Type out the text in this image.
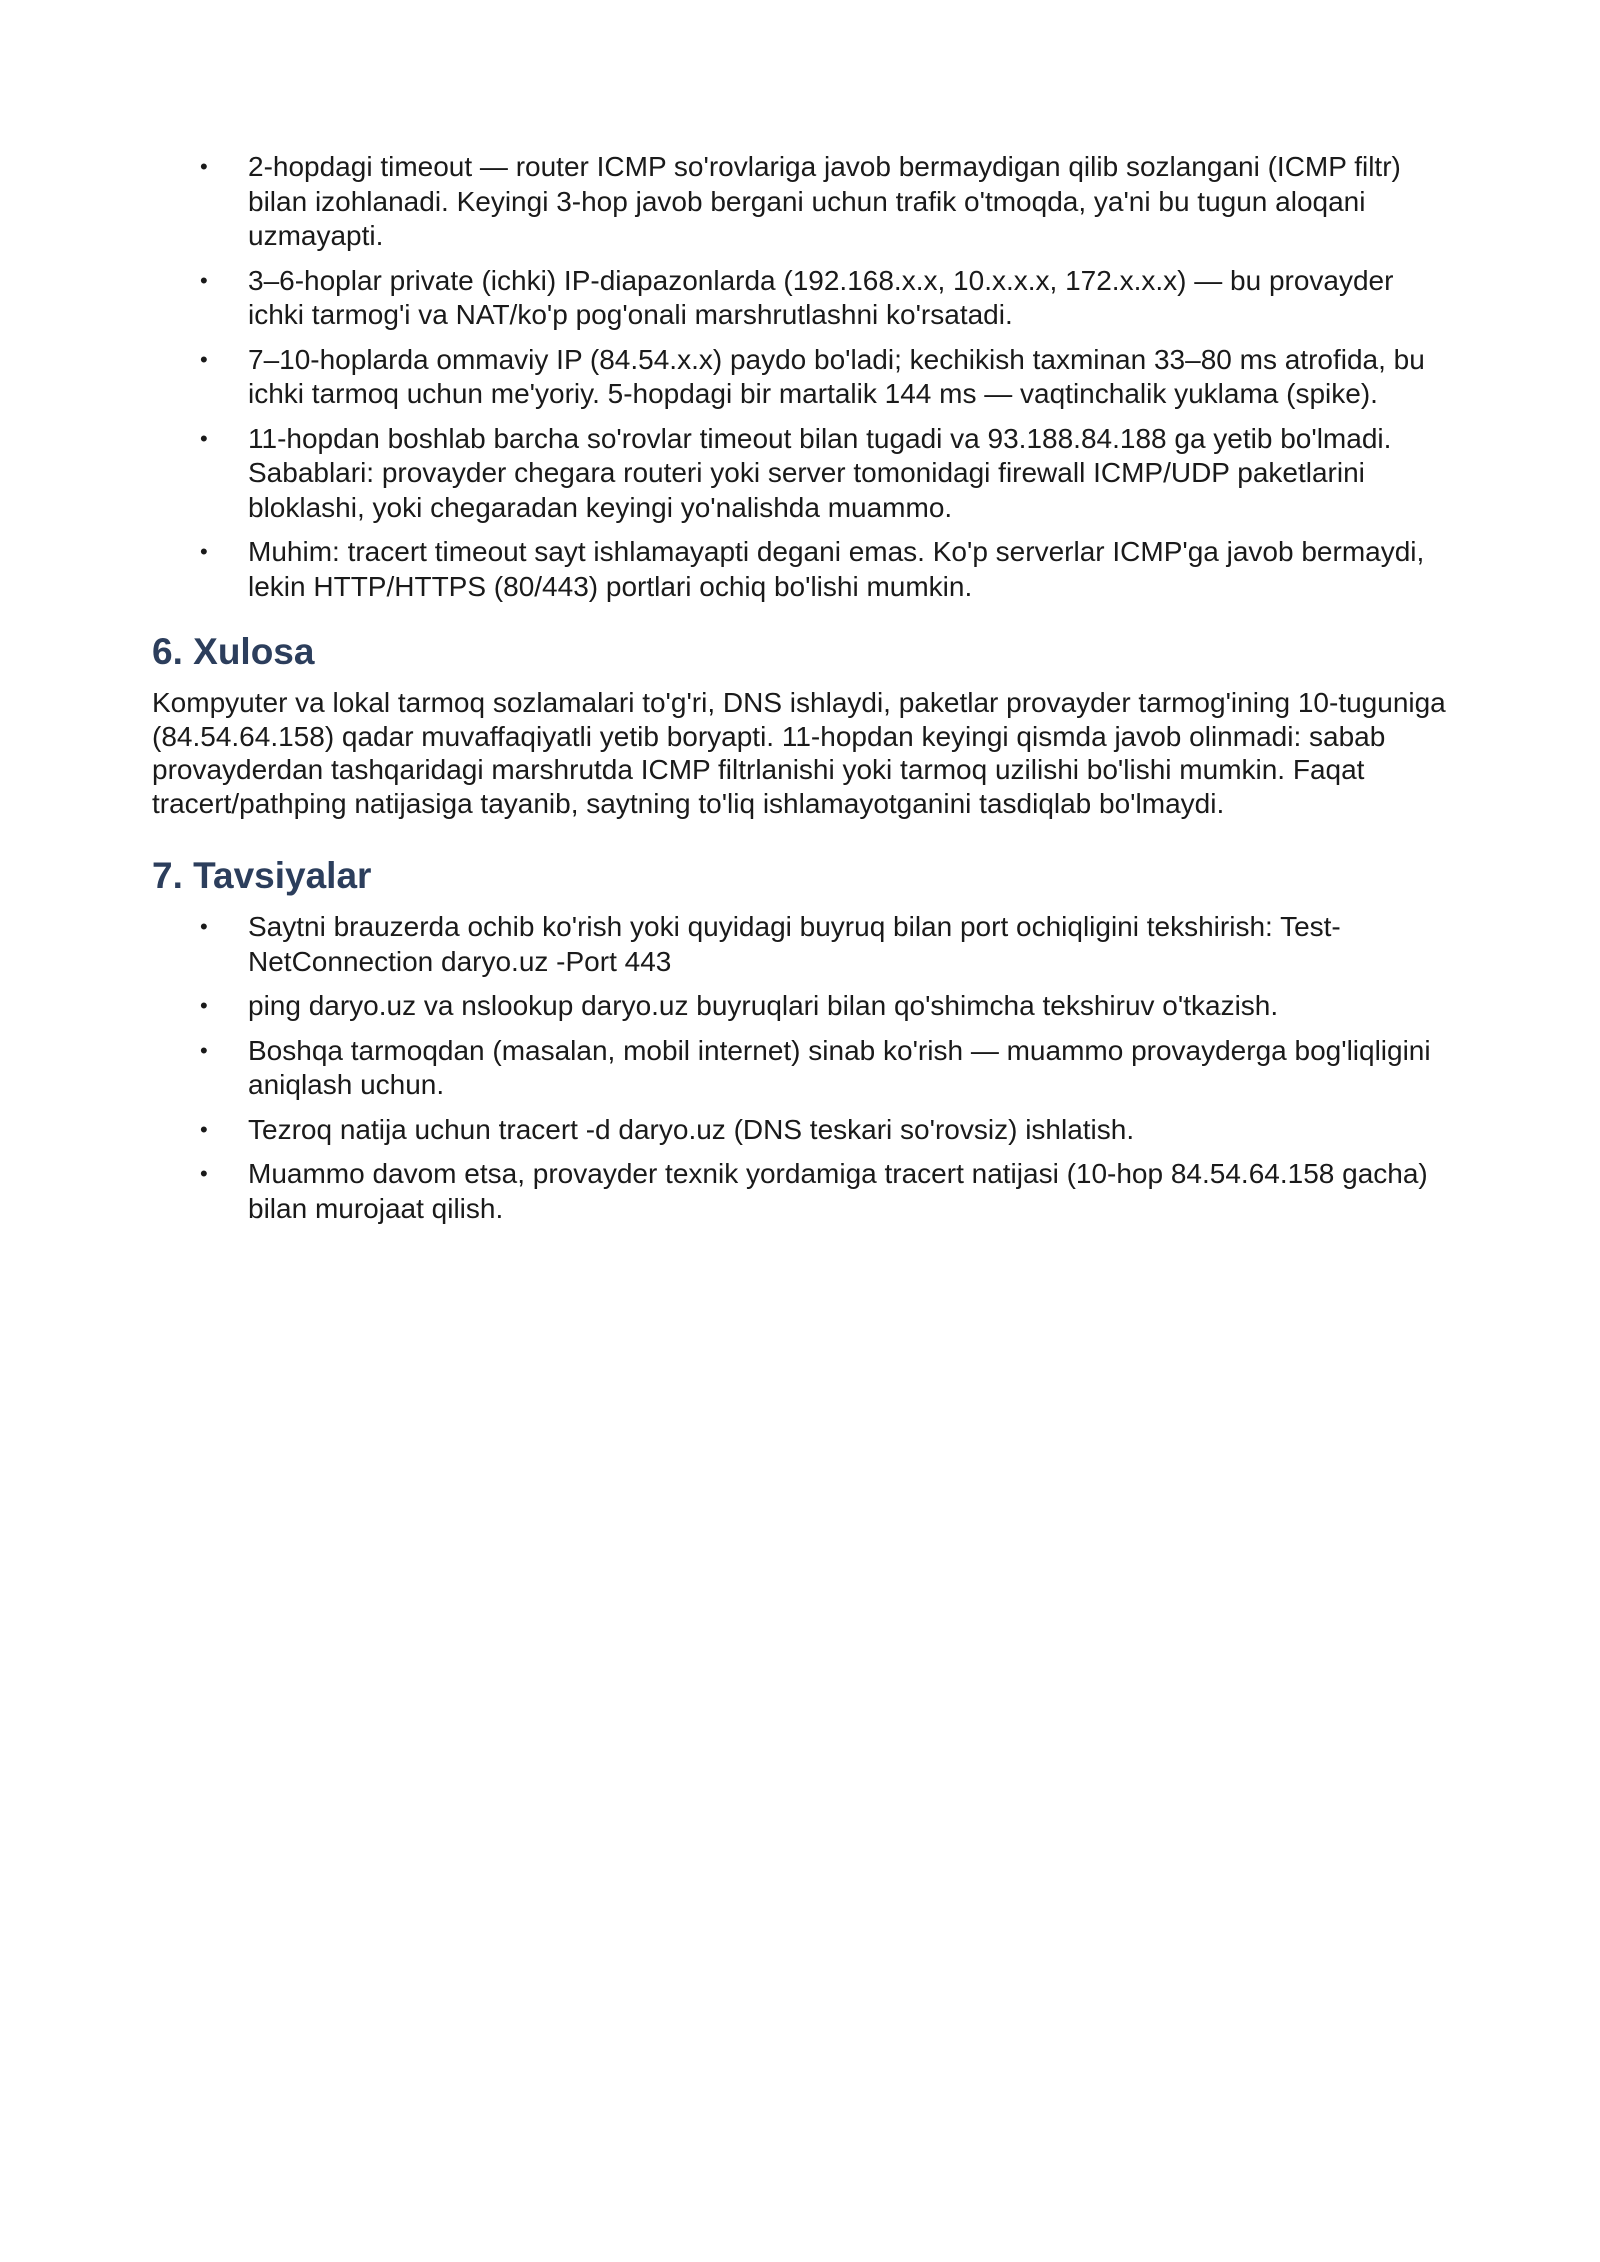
• 2-hopdagi timeout — router ICMP so'rovlariga javob bermaydigan qilib sozlangani (ICMP filtr) bilan izohlanadi. Keyingi 3-hop javob bergani uchun trafik o'tmoqda, ya'ni bu tugun aloqani uzmayapti.
• 3–6-hoplar private (ichki) IP-diapazonlarda (192.168.x.x, 10.x.x.x, 172.x.x.x) — bu provayder ichki tarmog'i va NAT/ko'p pog'onali marshrutlashni ko'rsatadi.
• 7–10-hoplarda ommaviy IP (84.54.x.x) paydo bo'ladi; kechikish taxminan 33–80 ms atrofida, bu ichki tarmoq uchun me'yoriy. 5-hopdagi bir martalik 144 ms — vaqtinchalik yuklama (spike).
• 11-hopdan boshlab barcha so'rovlar timeout bilan tugadi va 93.188.84.188 ga yetib bo'lmadi. Sabablari: provayder chegara routeri yoki server tomonidagi firewall ICMP/UDP paketlarini bloklashi, yoki chegaradan keyingi yo'nalishda muammo.
• Muhim: tracert timeout sayt ishlamayapti degani emas. Ko'p serverlar ICMP'ga javob bermaydi, lekin HTTP/HTTPS (80/443) portlari ochiq bo'lishi mumkin.
6. Xulosa

Kompyuter va lokal tarmoq sozlamalari to'g'ri, DNS ishlaydi, paketlar provayder tarmog'ining 10-tuguniga (84.54.64.158) qadar muvaffaqiyatli yetib boryapti. 11-hopdan keyingi qismda javob olinmadi: sabab provayderdan tashqaridagi marshrutda ICMP filtrlanishi yoki tarmoq uzilishi bo'lishi mumkin. Faqat tracert/pathping natijasiga tayanib, saytning to'liq ishlamayotganini tasdiqlab bo'lmaydi.

7. Tavsiyalar
• Saytni brauzerda ochib ko'rish yoki quyidagi buyruq bilan port ochiqligini tekshirish: Test-NetConnection daryo.uz -Port 443
• ping daryo.uz va nslookup daryo.uz buyruqlari bilan qo'shimcha tekshiruv o'tkazish.
• Boshqa tarmoqdan (masalan, mobil internet) sinab ko'rish — muammo provayderga bog'liqligini aniqlash uchun.
• Tezroq natija uchun tracert -d daryo.uz (DNS teskari so'rovsiz) ishlatish.
• Muammo davom etsa, provayder texnik yordamiga tracert natijasi (10-hop 84.54.64.158 gacha) bilan murojaat qilish.
